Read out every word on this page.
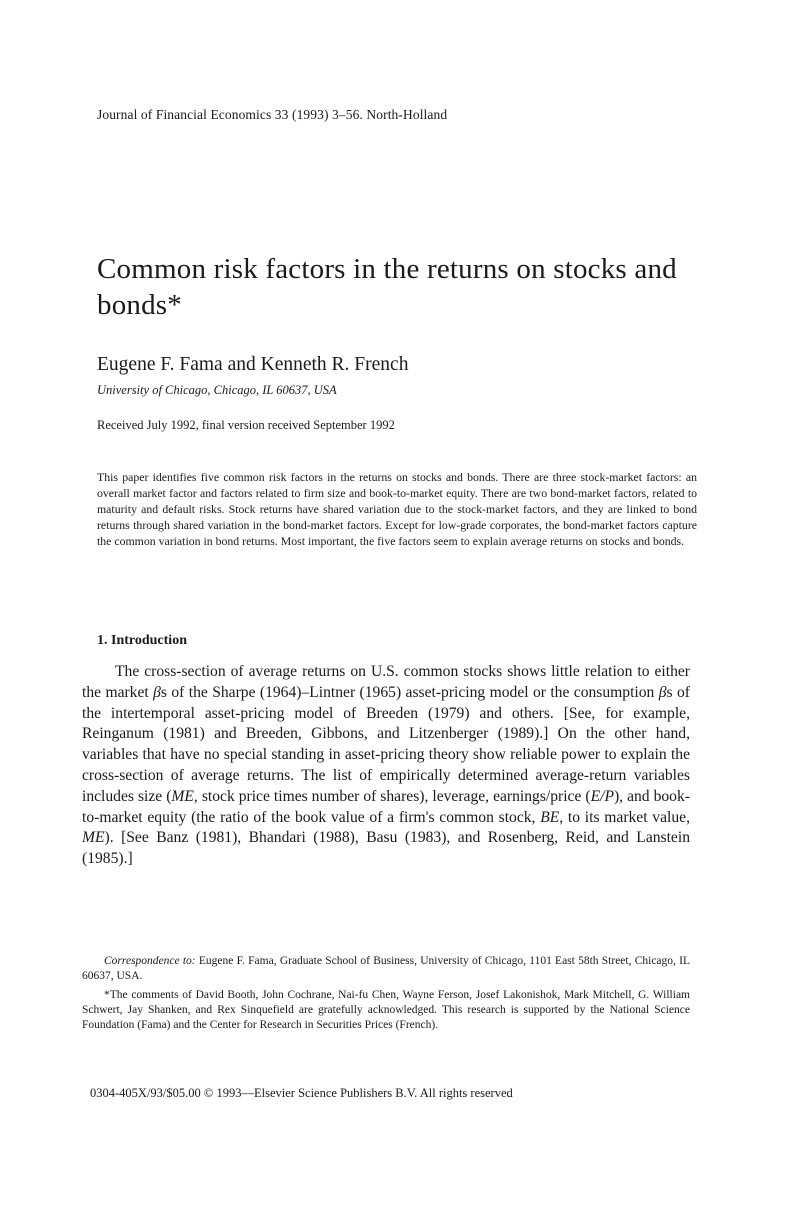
Journal of Financial Economics 33 (1993) 3–56. North-Holland
Common risk factors in the returns on stocks and bonds*
Eugene F. Fama and Kenneth R. French
University of Chicago, Chicago, IL 60637, USA
Received July 1992, final version received September 1992
This paper identifies five common risk factors in the returns on stocks and bonds. There are three stock-market factors: an overall market factor and factors related to firm size and book-to-market equity. There are two bond-market factors, related to maturity and default risks. Stock returns have shared variation due to the stock-market factors, and they are linked to bond returns through shared variation in the bond-market factors. Except for low-grade corporates, the bond-market factors capture the common variation in bond returns. Most important, the five factors seem to explain average returns on stocks and bonds.
1. Introduction
The cross-section of average returns on U.S. common stocks shows little relation to either the market βs of the Sharpe (1964)–Lintner (1965) asset-pricing model or the consumption βs of the intertemporal asset-pricing model of Breeden (1979) and others. [See, for example, Reinganum (1981) and Breeden, Gibbons, and Litzenberger (1989).] On the other hand, variables that have no special standing in asset-pricing theory show reliable power to explain the cross-section of average returns. The list of empirically determined average-return variables includes size (ME, stock price times number of shares), leverage, earnings/price (E/P), and book-to-market equity (the ratio of the book value of a firm's common stock, BE, to its market value, ME). [See Banz (1981), Bhandari (1988), Basu (1983), and Rosenberg, Reid, and Lanstein (1985).]

Correspondence to: Eugene F. Fama, Graduate School of Business, University of Chicago, 1101 East 58th Street, Chicago, IL 60637, USA.

*The comments of David Booth, John Cochrane, Nai-fu Chen, Wayne Ferson, Josef Lakonishok, Mark Mitchell, G. William Schwert, Jay Shanken, and Rex Sinquefield are gratefully acknowledged. This research is supported by the National Science Foundation (Fama) and the Center for Research in Securities Prices (French).

0304-405X/93/$05.00 © 1993—Elsevier Science Publishers B.V. All rights reserved
